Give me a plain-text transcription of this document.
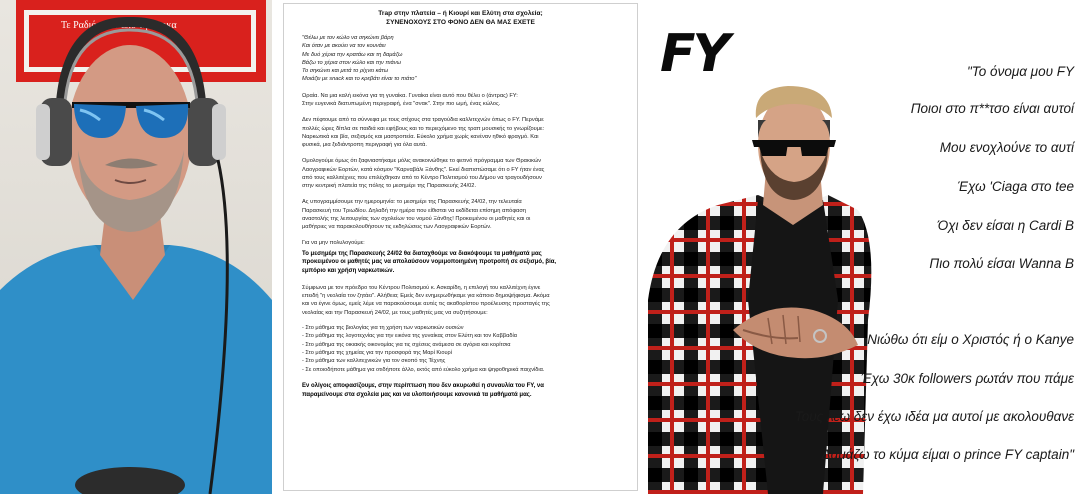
Τε Ραδιόφωνο απο την Άρκα
Trap στην πλατεία – ή Κιουρί και Ελύτη στα σχολεία;
ΣΥΝΕΝΟΧΟΥΣ ΣΤΟ ΦΟΝΟ ΔΕΝ ΘΑ ΜΑΣ ΕΧΕΤΕ
"Θέλω με τον κώλο να σηκώνει βάρη
Και όταν με ακούει να τον κουνάει
Με δυό χέρια την κρατάω και τη δαμάζω
Βάζω το χέρια στον κώλο και την πιάνω
Το σηκώνει και μετά το ρίχνει κάτω
Μοιάζει με snack και το κρεβάτι είναι το πιάτο"
Ωραία. Να μια καλή εικόνα για τη γυναίκα. Γυναίκα είναι αυτό που θέλει ο (άντρας) FY:
Στην ευγενικά διατυπωμένη περιγραφή, ένα "σνακ". Στην πιο ωμή, ένας κώλος.
Δεν πέφτουμε από τα σύννεφα με τους στίχους στα τραγούδια καλλιτεχνών όπως ο FY. Περνάμε
πολλές ώρες δίπλα σε παιδιά και εφήβους και το περιεχόμενο της τραπ μουσικής το γνωρίζουμε:
Ναρκωτικά και βία, σεξισμός και μαστροπεία. Εύκολο χρήμα χωρίς κανέναν ηθικό φραγμό. Και
φυσικά, μια ξεδιάντροπη περιγραφή για όλα αυτά.
Ομολογούμε όμως ότι ξαφνιαστήκαμε μόλις ανακοινώθηκε το φετινό πρόγραμμα των Θρακικών
Λαογραφικών Εορτών, κατά κόσμον "Καρναβάλι Ξάνθης". Εκεί διαπιστώσαμε ότι ο FY ήταν ένας
από τους καλλιτέχνες που επιλέχθηκαν από το Κέντρο Πολιτισμού του Δήμου να τραγουδήσουν
στην κεντρική πλατεία της πόλης το μεσημέρι της Παρασκευής 24/02.
Ας υπογραμμίσουμε την ημερομηνία: το μεσημέρι της Παρασκευής 24/02, την τελευταία
Παρασκευή του Τριωδίου. Δηλαδή την ημέρα που είθισται να εκδίδεται επίσημη απόφαση
αναστολής της λειτουργίας των σχολείων του νομού Ξάνθης! Προκειμένου οι μαθητές και οι
μαθήτριες να παρακολουθήσουν τις εκδηλώσεις των Λαογραφικών Εορτών.
Για να μην πολυλογούμε:
Το μεσημέρι της Παρασκευής 24/02 θα διαταχθούμε να διακόψουμε τα μαθήματά μας
προκειμένου οι μαθητές μας να απολαύσουν νομιμοποιημένη προτροπή σε σεξισμό, βία,
εμπόριο και χρήση ναρκωτικών.
Σύμφωνα με τον πρόεδρο του Κέντρου Πολιτισμού κ. Ασκαρίδη, η επιλογή του καλλιτέχνη έγινε
επειδή "η νεολαία τον ζητάει". Αλήθεια; Εμείς δεν ενημερωθήκαμε για κάποιο δημοψήφισμα. Ακόμα
και να έγινε όμως, εμείς λέμε να παρακούσουμε αυτές τις ακαθορίστου προέλευσης προσταγές της
νεολαίας και την Παρασκευή 24/02, με τους μαθητές μας να συζητήσουμε:
- Στο μάθημα της βιολογίας για τη χρήση των ναρκωτικών ουσιών
- Στο μάθημα της λογοτεχνίας για την εικόνα της γυναίκας στον Ελύτη και τον Καββαδία
- Στο μάθημα της οικιακής οικονομίας για τις σχέσεις ανάμεσα σε αγόρια και κορίτσια
- Στο μάθημα της χημείας για την προσφορά της Μαρί Κιουρί
- Στο μάθημα των καλλιτεχνικών για τον σκοπό της Τέχνης
- Σε οποιοδήποτε μάθημα για οτιδήποτε άλλο, εκτός από εύκολο χρήμα και ψηφοθηρικά παιχνίδια.
Εν ολίγοις αποφασίζουμε, στην περίπτωση που δεν ακυρωθεί η συναυλία του FY, να
παραμείνουμε στα σχολεία μας και να υλοποιήσουμε κανονικά τα μαθήματά μας.
FY	"Το όνομα μου FY
Ποιοι στο π**τσο είναι αυτοί
Μου ενοχλούνε το αυτί
Έχω 'Ciaga στο tee
Όχι δεν είσαι η Cardi B
Πιο πολύ είσαι Wanna B
Νιώθω ότι είμ ο Χριστός ή ο Kanye
Έχω 30κ followers ρωτάν που πάμε
Τους λέω δεν έχω ιδέα μα αυτοί με ακολουθανε
Δαμάζω το κύμα είμαι ο prince FY captain"
